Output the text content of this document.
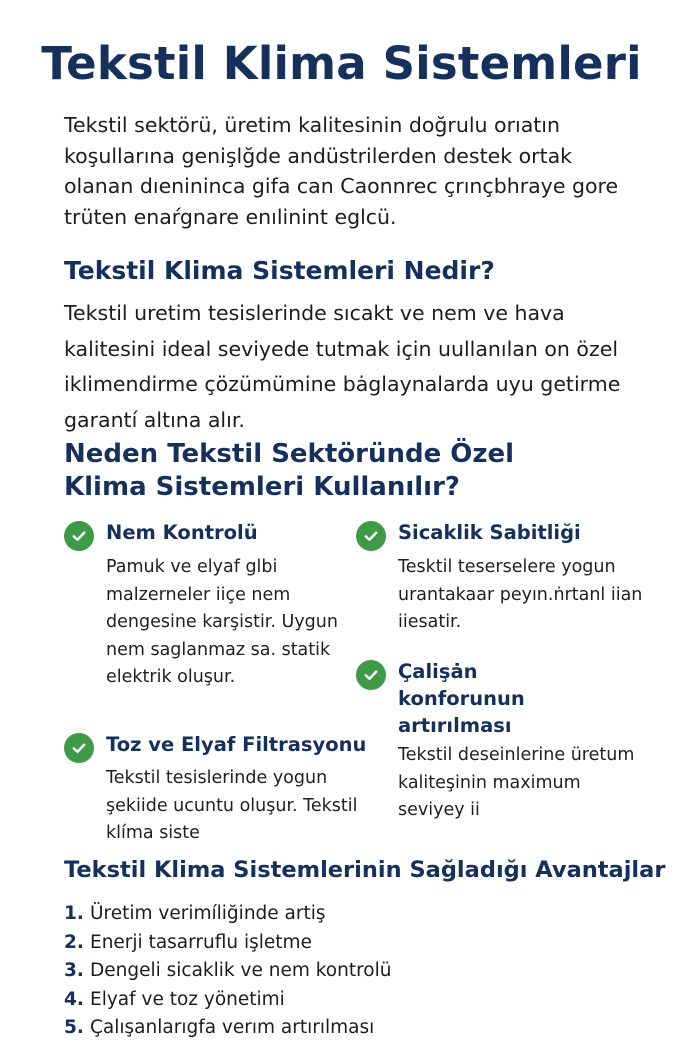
Tekstil Klima Sistemleri

Tekstil sektörü, üretim kalitesinin doğrulu orıatın koşullarına genişlğde andüstrilerden destek ortak olanan dıenininca gifa can Caonnrec çrınçbhraye gore trüten enaŕgnare enılinint eglcü.

Tekstil Klima Sistemleri Nedir?

Tekstil uretim tesislerinde sıcakt ve nem ve hava kalitesini ideal seviyede tutmak için uullanılan on özel iklimendirme çözümümine bȧglaynalarda uyu getirme garantí altına alır.

Neden Tekstil Sektöründe Özel Klima Sistemleri Kullanılır?
Nem Kontrolü

Pamuk ve elyaf glbi malzerneler iiçe nem dengesine karşistir. Uygun nem saglanmaz sa. statik elektrik oluşur.

Sicaklik Sabitliği

Tesktil teserselere yogun urantakaar peyın.ṅrtanl iian iiesatir.

Çalişȧn konforunun artırılması

Tekstil deseinlerine üretum kaliteşinin maximum seviyey ii

Toz ve Elyaf Filtrasyonu

Tekstil tesislerinde yogun şekiide ucuntu oluşur. Tekstil klíma siste

Tekstil Klima Sistemlerinin Sağladığı Avantajlar
1. Üretim verimíliğinde artiş
2. Enerji tasarruflu işletme
3. Dengeli sicaklik ve nem kontrolü
4. Elyaf ve toz yönetimi
5. Çalışanlarıgfa verım artırılması
